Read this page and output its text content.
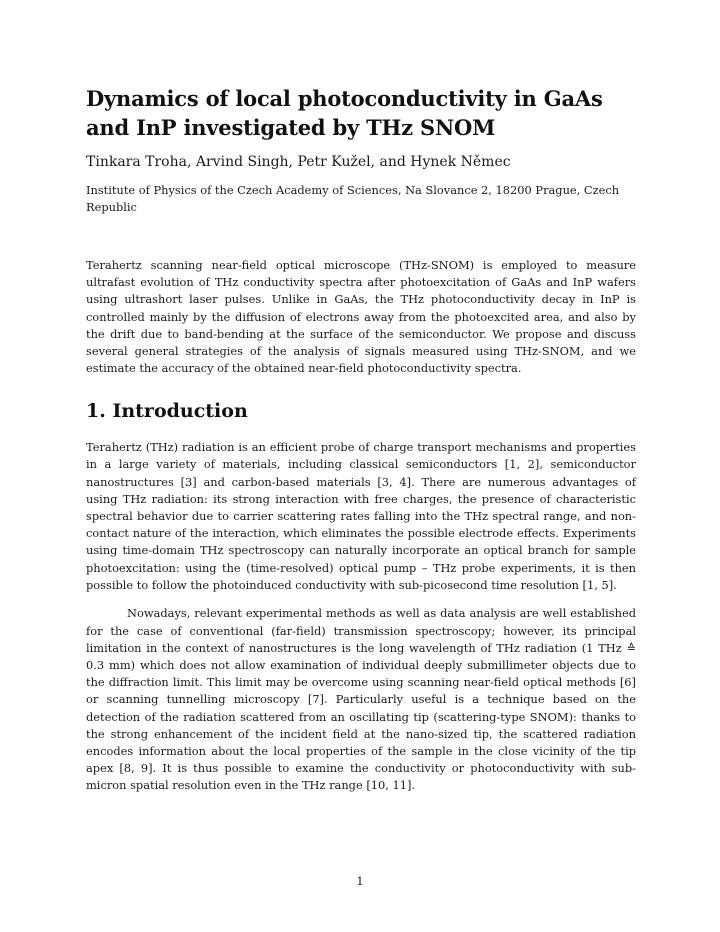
Dynamics of local photoconductivity in GaAs and InP investigated by THz SNOM
Tinkara Troha, Arvind Singh, Petr Kužel, and Hynek Němec
Institute of Physics of the Czech Academy of Sciences, Na Slovance 2, 18200 Prague, Czech Republic

Terahertz scanning near-field optical microscope (THz-SNOM) is employed to measure ultrafast evolution of THz conductivity spectra after photoexcitation of GaAs and InP wafers using ultrashort laser pulses. Unlike in GaAs, the THz photoconductivity decay in InP is controlled mainly by the diffusion of electrons away from the photoexcited area, and also by the drift due to band-bending at the surface of the semiconductor. We propose and discuss several general strategies of the analysis of signals measured using THz-SNOM, and we estimate the accuracy of the obtained near-field photoconductivity spectra.

1. Introduction

Terahertz (THz) radiation is an efficient probe of charge transport mechanisms and properties in a large variety of materials, including classical semiconductors [1, 2], semiconductor nanostructures [3] and carbon-based materials [3, 4]. There are numerous advantages of using THz radiation: its strong interaction with free charges, the presence of characteristic spectral behavior due to carrier scattering rates falling into the THz spectral range, and non-contact nature of the interaction, which eliminates the possible electrode effects. Experiments using time-domain THz spectroscopy can naturally incorporate an optical branch for sample photoexcitation: using the (time-resolved) optical pump – THz probe experiments, it is then possible to follow the photoinduced conductivity with sub-picosecond time resolution [1, 5].

Nowadays, relevant experimental methods as well as data analysis are well established for the case of conventional (far-field) transmission spectroscopy; however, its principal limitation in the context of nanostructures is the long wavelength of THz radiation (1 THz ≙ 0.3 mm) which does not allow examination of individual deeply submillimeter objects due to the diffraction limit. This limit may be overcome using scanning near-field optical methods [6] or scanning tunnelling microscopy [7]. Particularly useful is a technique based on the detection of the radiation scattered from an oscillating tip (scattering-type SNOM): thanks to the strong enhancement of the incident field at the nano-sized tip, the scattered radiation encodes information about the local properties of the sample in the close vicinity of the tip apex [8, 9]. It is thus possible to examine the conductivity or photoconductivity with sub-micron spatial resolution even in the THz range [10, 11].

1
